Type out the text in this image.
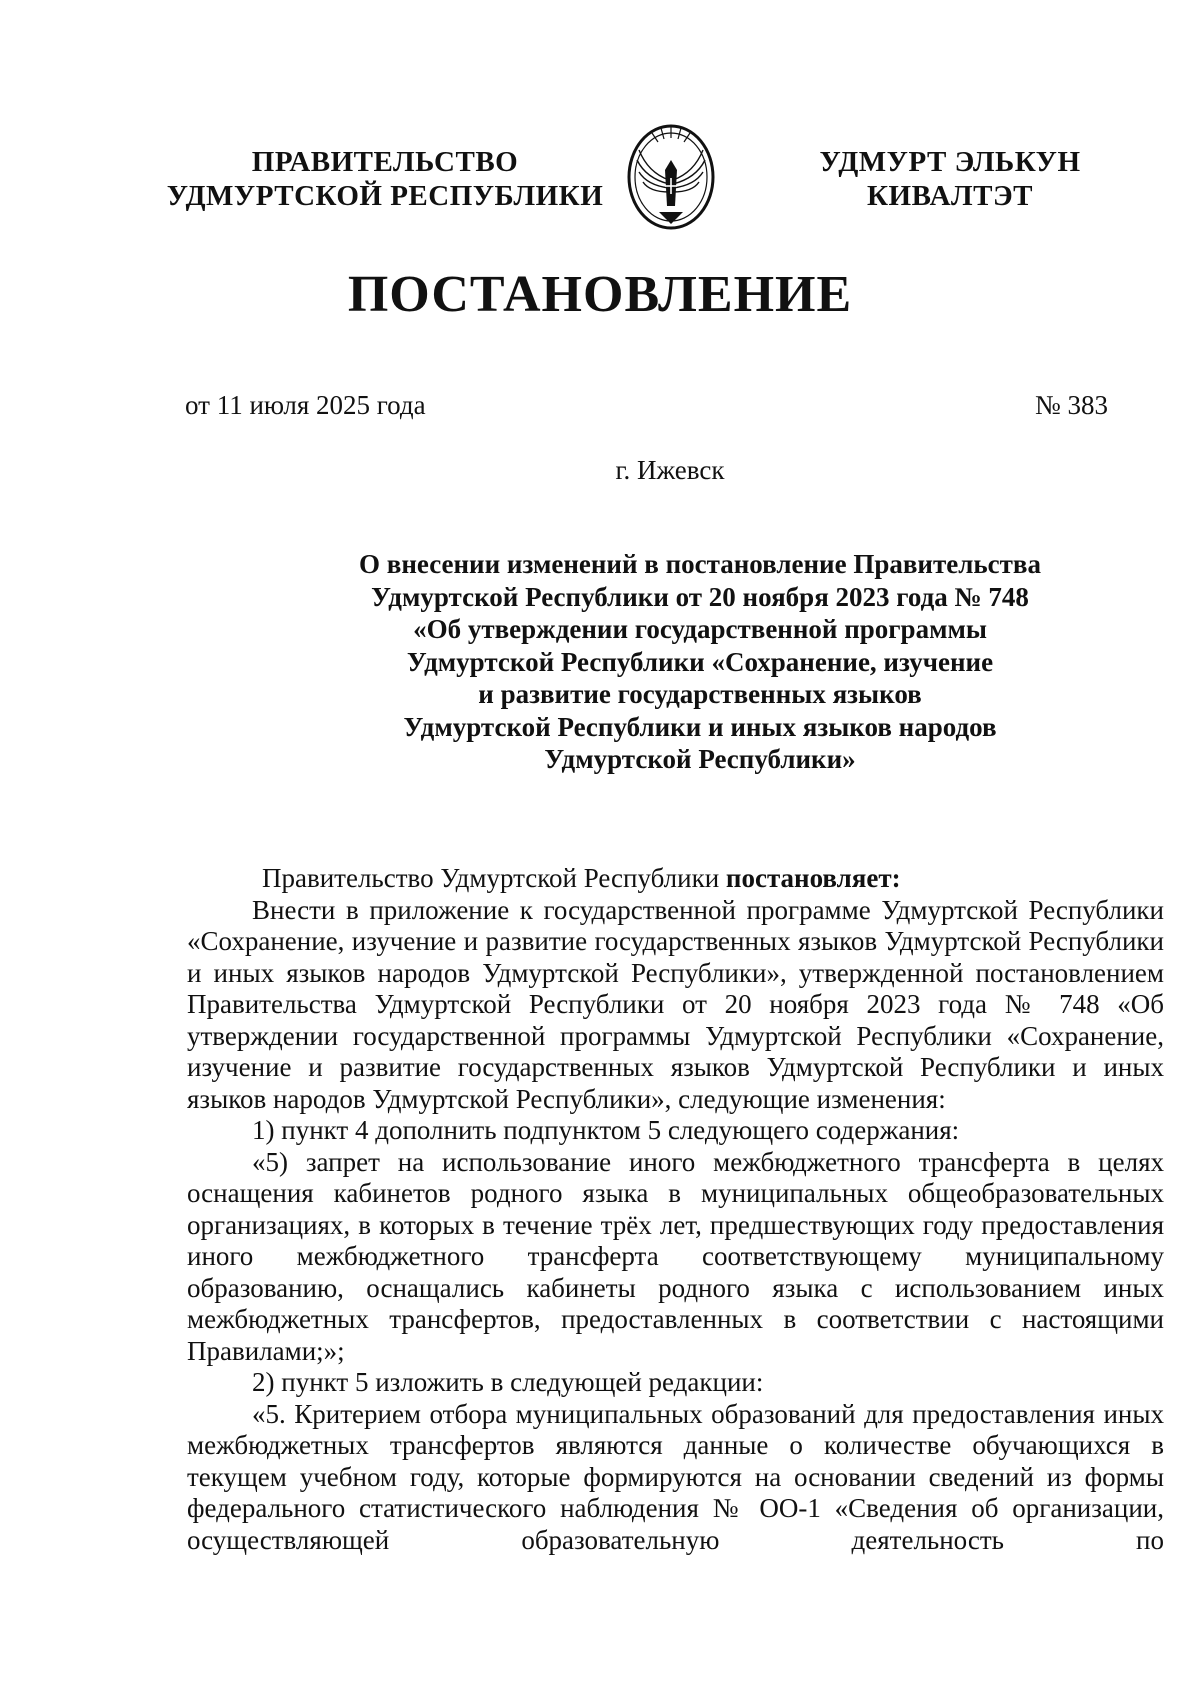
ПРАВИТЕЛЬСТВО
УДМУРТСКОЙ РЕСПУБЛИКИ
УДМУРТ ЭЛЬКУН
КИВАЛТЭТ
ПОСТАНОВЛЕНИЕ
от 11 июля 2025 года	№ 383
г. Ижевск
О внесении изменений в постановление Правительства
Удмуртской Республики от 20 ноября 2023 года № 748
«Об утверждении государственной программы
Удмуртской Республики «Сохранение, изучение
и развитие государственных языков
Удмуртской Республики и иных языков народов
Удмуртской Республики»

Правительство Удмуртской Республики постановляет:

Внести в приложение к государственной программе Удмуртской Республики «Сохранение, изучение и развитие государственных языков Удмуртской Республики и иных языков народов Удмуртской Республики», утвержденной постановлением Правительства Удмуртской Республики от 20 ноября 2023 года № 748 «Об утверждении государственной программы Удмуртской Республики «Сохранение, изучение и развитие государственных языков Удмуртской Республики и иных языков народов Удмуртской Республики», следующие изменения:

1) пункт 4 дополнить подпунктом 5 следующего содержания:

«5) запрет на использование иного межбюджетного трансферта в целях оснащения кабинетов родного языка в муниципальных общеобразовательных организациях, в которых в течение трёх лет, предшествующих году предоставления иного межбюджетного трансферта соответствующему муниципальному образованию, оснащались кабинеты родного языка с использованием иных межбюджетных трансфертов, предоставленных в соответствии с настоящими Правилами;»;

2) пункт 5 изложить в следующей редакции:

«5. Критерием отбора муниципальных образований для предоставления иных межбюджетных трансфертов являются данные о количестве обучающихся в текущем учебном году, которые формируются на основании сведений из формы федерального статистического наблюдения № ОО-1 «Сведения об организации, осуществляющей образовательную деятельность по
